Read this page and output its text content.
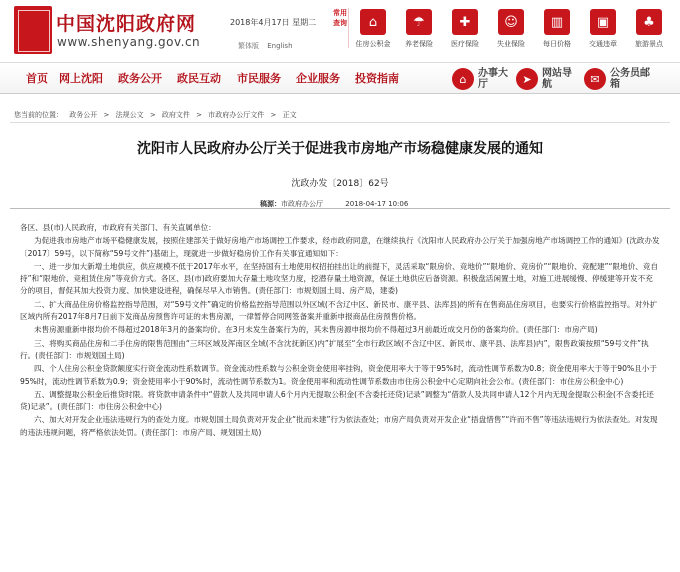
中国沈阳政府网
www.shenyang.gov.cn
2018年4月17日 星期二
繁体版 English
常用查询	⌂
住房公积金
☂
养老保险
✚
医疗保险
☺
失业保险
▥
每日价格
▣
交通违章
♣
旅游景点
首页 网上沈阳 政务公开 政民互动 市民服务 企业服务 投资指南	⌂	办事大厅	➤	网站导航	✉	公务员邮箱
您当前的位置： 政务公开 > 法规公文 > 政府文件 > 市政府办公厅文件 > 正文
沈阳市人民政府办公厅关于促进我市房地产市场稳健康发展的通知
沈政办发〔2018〕62号
稿源：市政府办公厅	2018-04-17 10:06

各区、县(市)人民政府，市政府有关部门、有关直属单位：

为促进我市房地产市场平稳健康发展，按照住建部关于做好房地产市场调控工作要求，经市政府同意，在继续执行《沈阳市人民政府办公厅关于加强房地产市场调控工作的通知》(沈政办发〔2017〕59号，以下简称“59号文件”)基础上，现就进一步做好稳房价工作有关事宜通知如下：

一、进一步加大新增土地供应，供应规模不低于2017年水平，在坚持国有土地使用权招拍挂出让的前提下，灵活采取“限房价、竞地价”“限地价、竞房价”“限地价、竞配建”“限地价、竞自持”和“限地价、竞租赁住房”等竞价方式。各区、县(市)政府要加大存量土地攻坚力度，挖潜存量土地资源，保证土地供应后备资源。积极盘活闲置土地，对施工进展缓慢、停缓建等开发不充分的项目，督促其加大投资力度、加快建设进程，确保尽早入市销售。(责任部门：市规划国土局、房产局，建委)

二、扩大商品住房价格监控指导范围，对“59号文件”确定的价格监控指导范围以外区域(不含辽中区、新民市、康平县、法库县)的所有在售商品住房项目，也要实行价格监控指导。对外扩区域内所有2017年8月7日前下发商品房预售许可证的未售房源，一律暂停合同网签备案并重新申报商品住房预售价格。

未售房源重新申报均价不得超过2018年3月的备案均价。在3月未发生备案行为的，其未售房源申报均价不得超过3月前最近成交月份的备案均价。(责任部门：市房产局)

三、将购买商品住房和二手住房的限售范围由“三环区域及浑南区全域(不含沈抚新区)内”扩展至“全市行政区域(不含辽中区、新民市、康平县、法库县)内”，限售政策按照“59号文件”执行。(责任部门：市规划国土局)

四、个人住房公积金贷款额度实行资金流动性系数调节。资金流动性系数与公积金资金使用率挂钩，资金使用率大于等于95%时，流动性调节系数为0.8；资金使用率大于等于90%且小于95%时，流动性调节系数为0.9；资金使用率小于90%时，流动性调节系数为1。资金使用率和流动性调节系数由市住房公积金中心定期向社会公布。(责任部门：市住房公积金中心)

五、调整提取公积金后推贷时限。将贷款申请条件中“借款人及共同申请人6个月内无提取公积金(不含委托还贷)记录”调整为“借款人及共同申请人12个月内无现金提取公积金(不含委托还贷)记录”。(责任部门：市住房公积金中心)

六、加大对开发企业违法违规行为的查处力度。市规划国土局负责对开发企业“批而未建”行为依法查处；市房产局负责对开发企业“捂盘惜售”“许而不售”等违法违规行为依法查处。对发现的违法违规问题，将严格依法处罚。(责任部门：市房产局、规划国土局)
